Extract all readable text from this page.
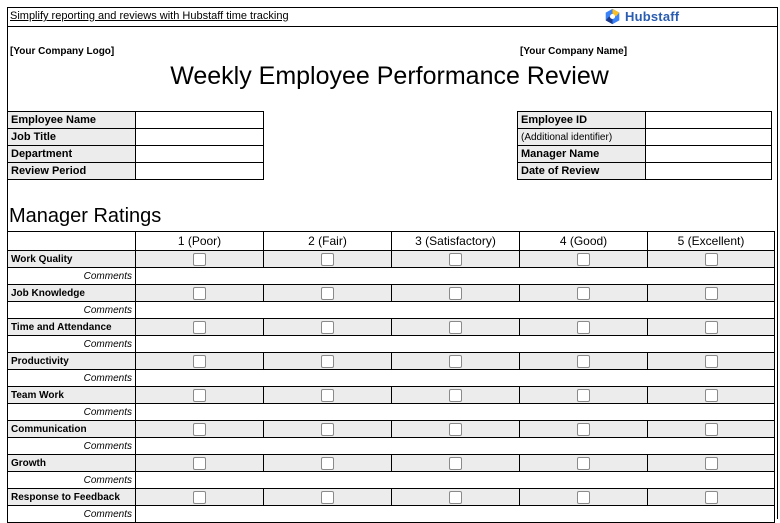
Simplify reporting and reviews with Hubstaff time tracking	Hubstaff
[Your Company Logo]	[Your Company Name]
Weekly Employee Performance Review
Employee Name	
Job Title	
Department	
Review Period	
Employee ID	
(Additional identifier)	
Manager Name	
Date of Review	
Manager Ratings
	1 (Poor)	2 (Fair)	3 (Satisfactory)	4 (Good)	5 (Excellent)
Work Quality	

Comments					
Job Knowledge	

Comments					
Time and Attendance	

Comments					
Productivity	

Comments					
Team Work	

Comments					
Communication	

Comments					
Growth	

Comments					
Response to Feedback	

Comments					
